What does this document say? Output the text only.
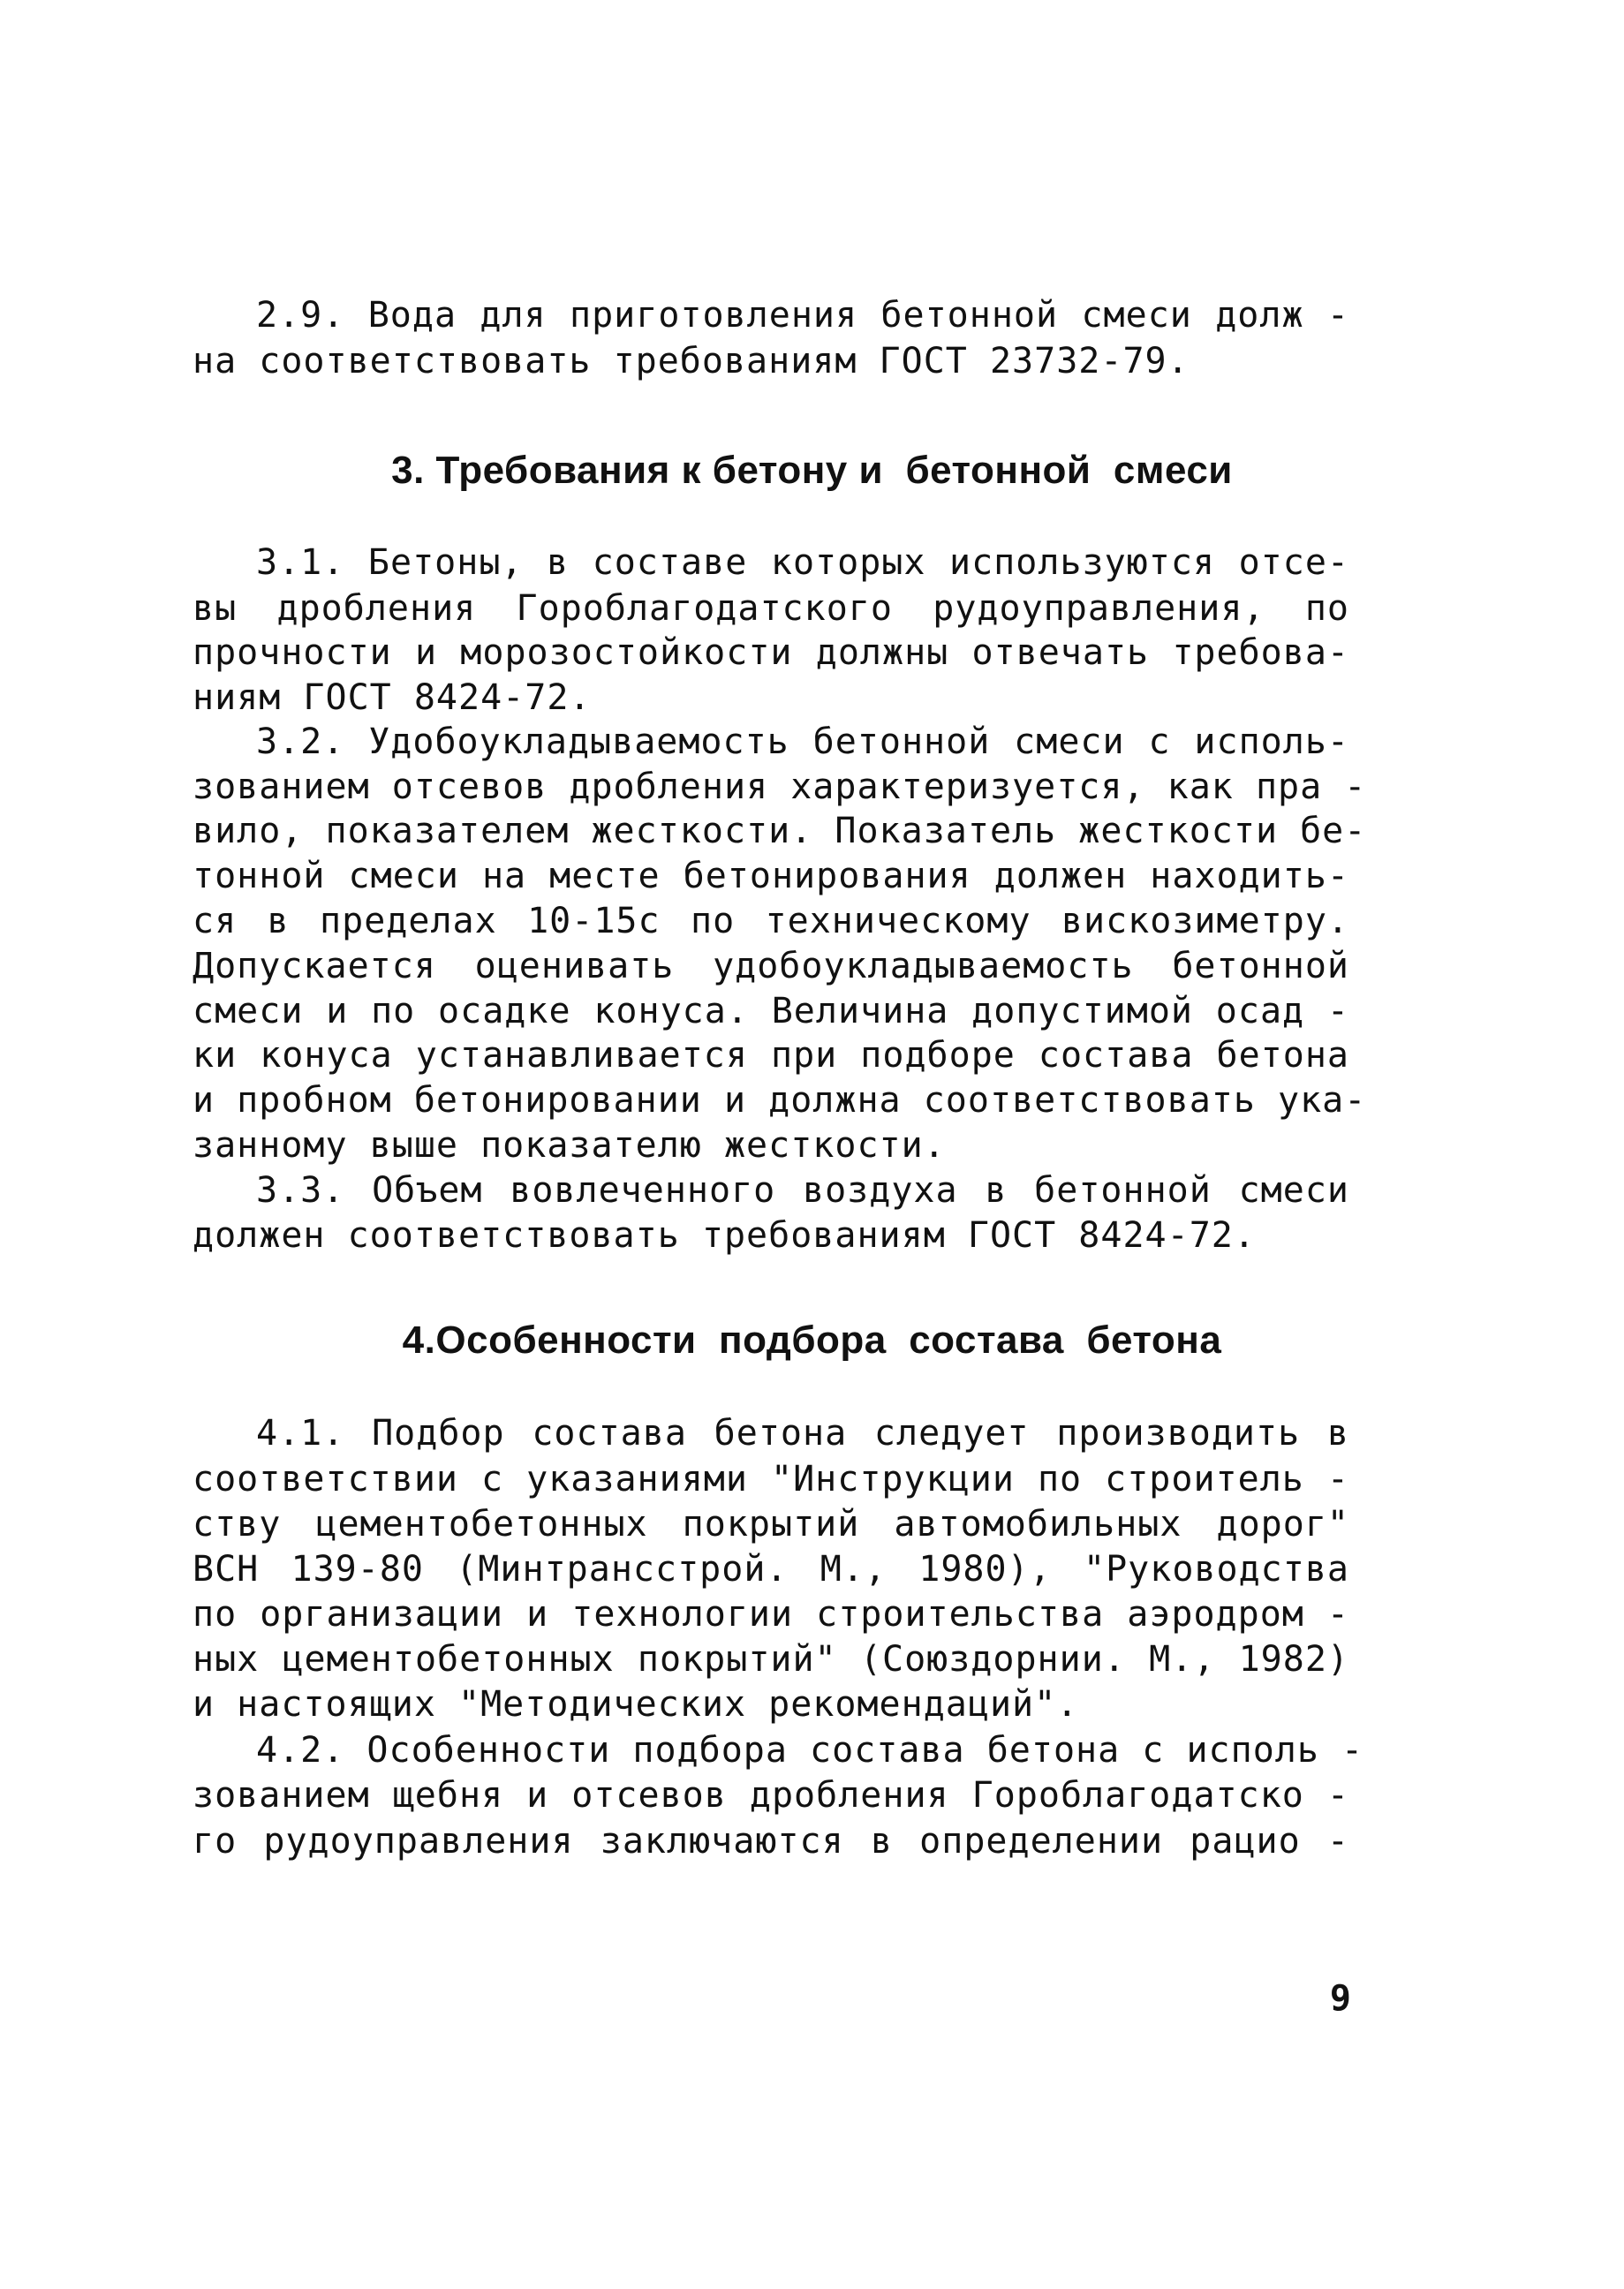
2.9. Вода для приготовления бетонной смеси долж -
на соответствовать требованиям ГОСТ 23732-79.
3. Требования к бетону и  бетонной  смеси
3.1. Бетоны, в составе которых используются отсе-
вы дробления Гороблагодатского рудоуправления, по
прочности и морозостойкости должны отвечать требова-
ниям ГОСТ 8424-72.
3.2. Удобоукладываемость бетонной смеси с исполь-
зованием отсевов дробления характеризуется, как пра -
вило, показателем жесткости. Показатель жесткости бе-
тонной смеси на месте бетонирования должен находить-
ся в пределах 10-15с по техническому вискозиметру.
Допускается оценивать удобоукладываемость бетонной
смеси и по осадке конуса. Величина допустимой осад -
ки конуса устанавливается при подборе состава бетона
и пробном бетонировании и должна соответствовать ука-
занному выше показателю жесткости.
3.3. Объем вовлеченного воздуха в бетонной смеси
должен соответствовать требованиям ГОСТ 8424-72.
4.Особенности  подбора  состава  бетона
4.1. Подбор состава бетона следует производить в
соответствии с указаниями "Инструкции по строитель -
ству цементобетонных покрытий автомобильных дорог"
ВСН 139-80 (Минтрансстрой. М., 1980), "Руководства
по организации и технологии строительства аэродром -
ных цементобетонных покрытий" (Союздорнии. М., 1982)
и настоящих "Методических рекомендаций".
4.2. Особенности подбора состава бетона с исполь -
зованием щебня и отсевов дробления Гороблагодатско -
го рудоуправления заключаются в определении рацио -
9
